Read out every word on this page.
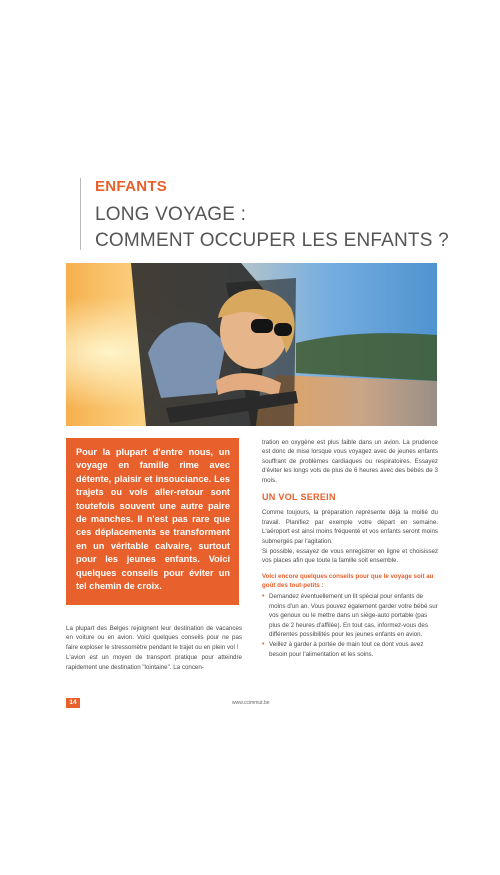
ENFANTS
LONG VOYAGE :
COMMENT OCCUPER LES ENFANTS ?
Pour la plupart d'entre nous, un voyage en famille rime avec détente, plaisir et insouciance. Les trajets ou vols aller-retour sont toutefois souvent une autre paire de manches. Il n'est pas rare que ces déplacements se transforment en un véritable calvaire, surtout pour les jeunes enfants. Voici quelques conseils pour éviter un tel chemin de croix.

La plupart des Belges rejoignent leur destination de vacances en voiture ou en avion. Voici quelques conseils pour ne pas faire exploser le stressomètre pendant le trajet ou en plein vol !

L'avion est un moyen de transport pratique pour atteindre rapidement une destination "lointaine". La concen-

tration en oxygène est plus faible dans un avion. La prudence est donc de mise lorsque vous voyagez avec de jeunes enfants souffrant de problèmes cardiaques ou respiratoires. Essayez d'éviter les longs vols de plus de 6 heures avec des bébés de 3 mois.

UN VOL SEREIN

Comme toujours, la préparation représente déjà la moitié du travail. Planifiez par exemple votre départ en semaine. L'aéroport est ainsi moins fréquenté et vos enfants seront moins submergés par l'agitation.

Si possible, essayez de vous enregistrer en ligne et choisissez vos places afin que toute la famille soit ensemble.

Voici encore quelques conseils pour que le voyage soit au goût des tout-petits :
• Demandez éventuellement un lit spécial pour enfants de moins d'un an. Vous pouvez également garder votre bébé sur vos genoux ou le mettre dans un siège-auto portable (pas plus de 2 heures d'affilée). En tout cas, informez-vous des différentes possibilités pour les jeunes enfants en avion.
• Veillez à garder à portée de main tout ce dont vous avez besoin pour l'alimentation et les soins.
14	www.ccimmut.be
